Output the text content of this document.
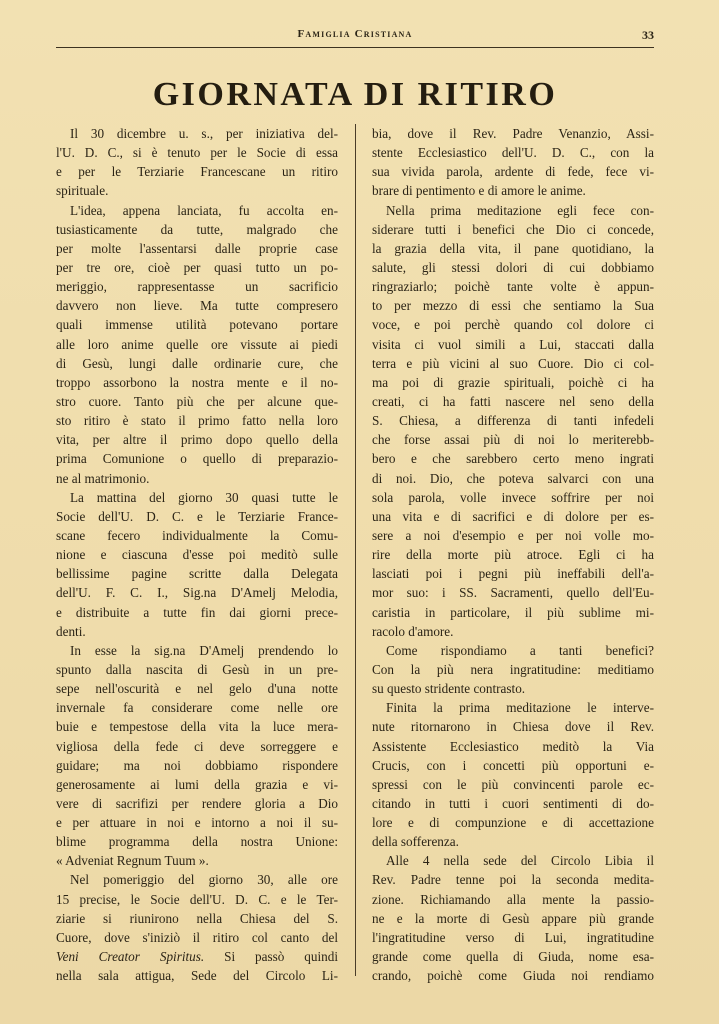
Famiglia Cristiana	33
GIORNATA DI RITIRO
Il 30 dicembre u. s., per iniziativa del-
l'U. D. C., si è tenuto per le Socie di essa
e per le Terziarie Francescane un ritiro
spirituale.
L'idea, appena lanciata, fu accolta en-
tusiasticamente da tutte, malgrado che
per molte l'assentarsi dalle proprie case
per tre ore, cioè per quasi tutto un po-
meriggio, rappresentasse un sacrificio
davvero non lieve. Ma tutte compresero
quali immense utilità potevano portare
alle loro anime quelle ore vissute ai piedi
di Gesù, lungi dalle ordinarie cure, che
troppo assorbono la nostra mente e il no-
stro cuore. Tanto più che per alcune que-
sto ritiro è stato il primo fatto nella loro
vita, per altre il primo dopo quello della
prima Comunione o quello di preparazio-
ne al matrimonio.
La mattina del giorno 30 quasi tutte le
Socie dell'U. D. C. e le Terziarie France-
scane fecero individualmente la Comu-
nione e ciascuna d'esse poi meditò sulle
bellissime pagine scritte dalla Delegata
dell'U. F. C. I., Sig.na D'Amelj Melodia,
e distribuite a tutte fin dai giorni prece-
denti.
In esse la sig.na D'Amelj prendendo lo
spunto dalla nascita di Gesù in un pre-
sepe nell'oscurità e nel gelo d'una notte
invernale fa considerare come nelle ore
buie e tempestose della vita la luce mera-
vigliosa della fede ci deve sorreggere e
guidare; ma noi dobbiamo rispondere
generosamente ai lumi della grazia e vi-
vere di sacrifizi per rendere gloria a Dio
e per attuare in noi e intorno a noi il su-
blime programma della nostra Unione:
« Adveniat Regnum Tuum ».
Nel pomeriggio del giorno 30, alle ore
15 precise, le Socie dell'U. D. C. e le Ter-
ziarie si riunirono nella Chiesa del S.
Cuore, dove s'iniziò il ritiro col canto del
Veni Creator Spiritus. Si passò quindi
nella sala attigua, Sede del Circolo Li-
bia, dove il Rev. Padre Venanzio, Assi-
stente Ecclesiastico dell'U. D. C., con la
sua vivida parola, ardente di fede, fece vi-
brare di pentimento e di amore le anime.
Nella prima meditazione egli fece con-
siderare tutti i benefici che Dio ci concede,
la grazia della vita, il pane quotidiano, la
salute, gli stessi dolori di cui dobbiamo
ringraziarlo; poichè tante volte è appun-
to per mezzo di essi che sentiamo la Sua
voce, e poi perchè quando col dolore ci
visita ci vuol simili a Lui, staccati dalla
terra e più vicini al suo Cuore. Dio ci col-
ma poi di grazie spirituali, poichè ci ha
creati, ci ha fatti nascere nel seno della
S. Chiesa, a differenza di tanti infedeli
che forse assai più di noi lo meriterebb-
bero e che sarebbero certo meno ingrati
di noi. Dio, che poteva salvarci con una
sola parola, volle invece soffrire per noi
una vita e di sacrifici e di dolore per es-
sere a noi d'esempio e per noi volle mo-
rire della morte più atroce. Egli ci ha
lasciati poi i pegni più ineffabili dell'a-
mor suo: i SS. Sacramenti, quello dell'Eu-
caristia in particolare, il più sublime mi-
racolo d'amore.
Come rispondiamo a tanti benefici?
Con la più nera ingratitudine: meditiamo
su questo stridente contrasto.
Finita la prima meditazione le interve-
nute ritornarono in Chiesa dove il Rev.
Assistente Ecclesiastico meditò la Via
Crucis, con i concetti più opportuni e-
spressi con le più convincenti parole ec-
citando in tutti i cuori sentimenti di do-
lore e di compunzione e di accettazione
della sofferenza.
Alle 4 nella sede del Circolo Libia il
Rev. Padre tenne poi la seconda medita-
zione. Richiamando alla mente la passio-
ne e la morte di Gesù appare più grande
l'ingratitudine verso di Lui, ingratitudine
grande come quella di Giuda, nome esa-
crando, poichè come Giuda noi rendiamo
